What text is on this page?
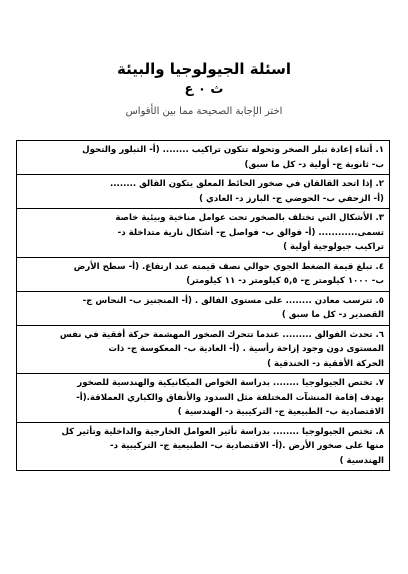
اسئلة الجيولوجيا والبيئة
ث ٠ ع
اختر الإجابة الصحيحة مما بين الأقواس
١. أثناء إعادة تبلر الصخر وتحوله تتكون تراكيب ........ (أ- التبلور والتحول
ب- ثانوية ج- أولية د- كل ما سبق)

٢. إذا اتحد القالقان في صخور الحائط المعلق يتكون القالق ........
(أ- الزحفي ب- الحوضي ج- البارز د- العادي )

٣. الأشكال التي تختلف بالصخور تحت عوامل مناخية وبيئية خاصة
تسمى............ (أ- فوالق ب- فواصل ج- أشكال نارية متداخلة د-
تراكيب جيولوجية أولية )

٤. تبلغ قيمة الضغط الجوي حوالي نصف قيمته عند ارتفاع. (أ- سطح الأرض
ب- ١٠٠٠ كيلومتر ج- ٥,٥ كيلومتر د- ١١ كيلومتر)

٥. تترسب معادن ........ على مستوى الفالق . (أ- المنجنيز ب- النحاس ج-
القصدير د- كل ما سبق )

٦. تحدث الفوالق ......... عندما تتحرك الصخور المهشمة حركة أفقية في نفس
المستوى دون وجود إزاحة رأسية . (أ- العادية ب- المعكوسة ج- ذات
الحركة الأفقية د- الخندقية )

٧. تختص الجيولوجيا ........ بدراسة الخواص الميكانيكية والهندسية للصخور
بهدف إقامة المنشآت المختلفة مثل السدود والأنفاق والكباري العملاقة.(أ-
الاقتصادية ب- الطبيعية ج- التركيبية د- الهندسية )

٨. تختص الجيولوجيا ........ بدراسة تأثير العوامل الخارجية والداخلية وتأثير كل
منها على صخور الأرض .(أ- الاقتصادية ب- الطبيعية ج- التركيبية د-
الهندسية )
